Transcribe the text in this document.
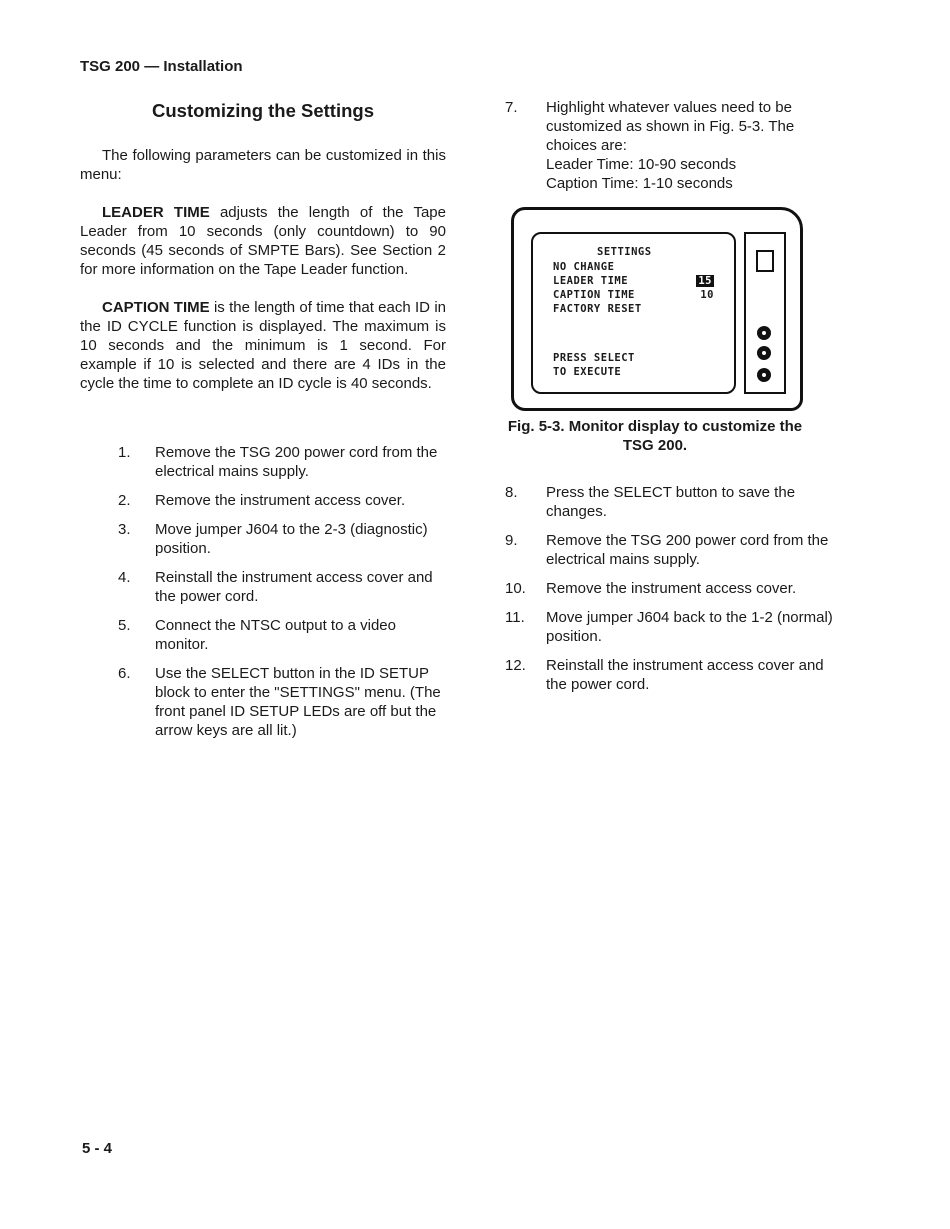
TSG 200 — Installation
Customizing the Settings

The following parameters can be customized in this menu:

LEADER TIME adjusts the length of the Tape Leader from 10 seconds (only countdown) to 90 seconds (45 seconds of SMPTE Bars). See Section 2 for more information on the Tape Leader function.

CAPTION TIME is the length of time that each ID in the ID CYCLE function is displayed. The maximum is 10 seconds and the minimum is 1 second. For example if 10 is selected and there are 4 IDs in the cycle the time to complete an ID cycle is 40 seconds.

1. Remove the TSG 200 power cord from the electrical mains supply.
2. Remove the instrument access cover.
3. Move jumper J604 to the 2-3 (diagnostic) position.
4. Reinstall the instrument access cover and the power cord.
5. Connect the NTSC output to a video monitor.
6. Use the SELECT button in the ID SETUP block to enter the "SETTINGS" menu. (The front panel ID SETUP LEDs are off but the arrow keys are all lit.)
7. Highlight whatever values need to be customized as shown in Fig. 5-3. The choices are:
Leader Time: 10-90 seconds
Caption Time: 1-10 seconds
SETTINGS
NO CHANGE
LEADER TIME	15
CAPTION TIME	10
FACTORY RESET
PRESS SELECT
TO EXECUTE
Fig. 5-3. Monitor display to customize the TSG 200.
8. Press the SELECT button to save the changes.
9. Remove the TSG 200 power cord from the electrical mains supply.
10. Remove the instrument access cover.
11. Move jumper J604 back to the 1-2 (normal) position.
12. Reinstall the instrument access cover and the power cord.
5 - 4
